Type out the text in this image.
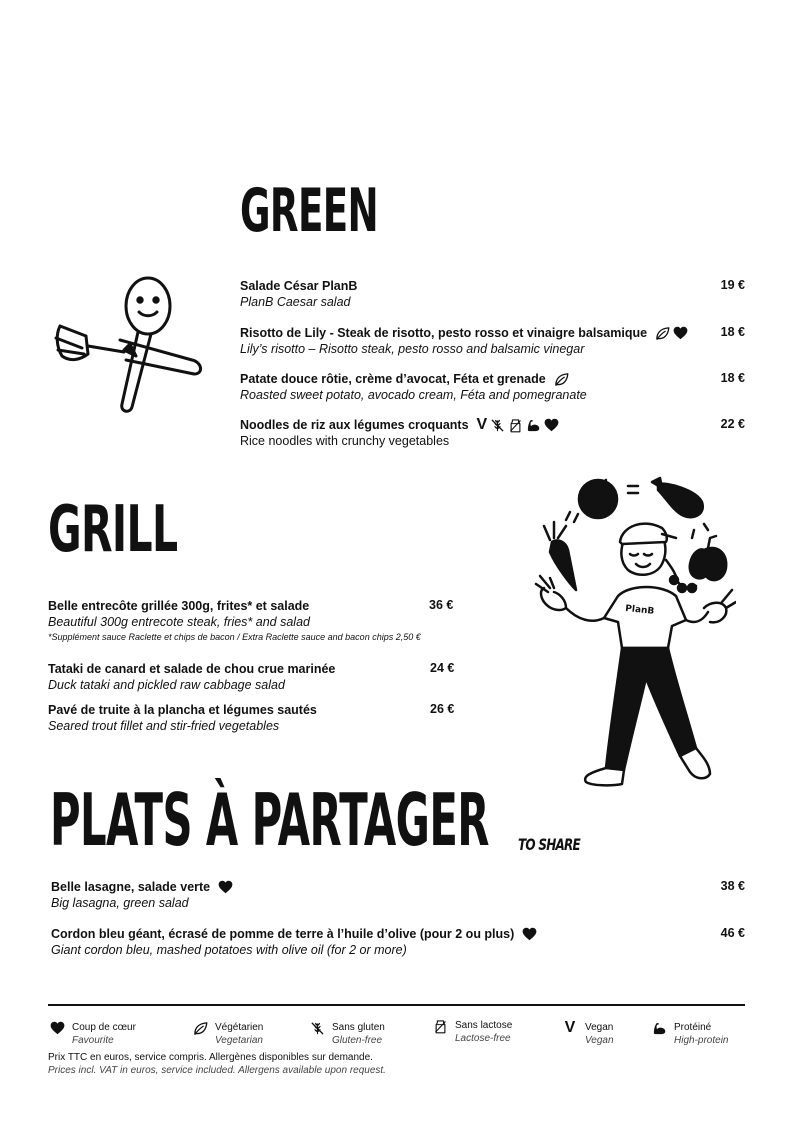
GREEN
GRILL
PLATS À PARTAGER TO SHARE
PlanB
Salade César PlanB
PlanB Caesar salad
19 €
Risotto de Lily - Steak de risotto, pesto rosso et vinaigre balsamique
Lily’s risotto – Risotto steak, pesto rosso and balsamic vinegar
18 €
Patate douce rôtie, crème d’avocat, Féta et grenade
Roasted sweet potato, avocado cream, Féta and pomegranate
18 €
Noodles de riz aux légumes croquants V
Rice noodles with crunchy vegetables
22 €
Belle entrecôte grillée 300g, frites* et salade
Beautiful 300g entrecote steak, fries* and salad
*Supplément sauce Raclette et chips de bacon / Extra Raclette sauce and bacon chips 2,50 €
36 €
Tataki de canard et salade de chou crue marinée
Duck tataki and pickled raw cabbage salad
24 €
Pavé de truite à la plancha et légumes sautés
Seared trout fillet and stir-fried vegetables
26 €
Belle lasagne, salade verte
Big lasagna, green salad
38 €
Cordon bleu géant, écrasé de pomme de terre à l’huile d’olive (pour 2 ou plus)
Giant cordon bleu, mashed potatoes with olive oil (for 2 or more)
46 €
Coup de cœur
Favourite
Végétarien
Vegetarian
Sans gluten
Gluten-free
Sans lactose
Lactose-free
V Vegan
Vegan
Protéiné
High-protein
Prix TTC en euros, service compris. Allergènes disponibles sur demande.
Prices incl. VAT in euros, service included. Allergens available upon request.
